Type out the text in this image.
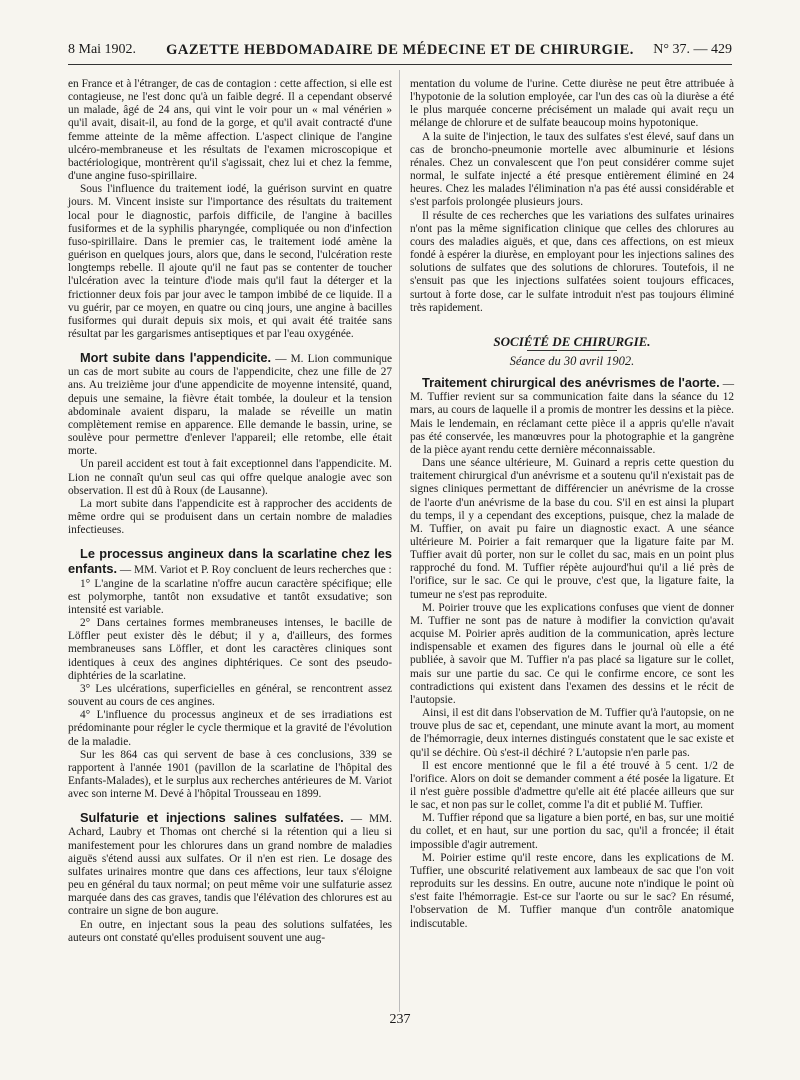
8 Mai 1902.	GAZETTE HEBDOMADAIRE DE MÉDECINE ET DE CHIRURGIE.	N° 37. — 429

en France et à l'étranger, de cas de contagion : cette affection, si elle est contagieuse, ne l'est donc qu'à un faible degré. Il a cependant observé un malade, âgé de 24 ans, qui vint le voir pour un « mal vénérien » qu'il avait, disait-il, au fond de la gorge, et qu'il avait contracté d'une femme atteinte de la même affection. L'aspect clinique de l'angine ulcéro-membraneuse et les résultats de l'examen microscopique et bactériologique, montrèrent qu'il s'agissait, chez lui et chez la femme, d'une angine fuso-spirillaire.

Sous l'influence du traitement iodé, la guérison survint en quatre jours. M. Vincent insiste sur l'importance des résultats du traitement local pour le diagnostic, parfois difficile, de l'angine à bacilles fusiformes et de la syphilis pharyngée, compliquée ou non d'infection fuso-spirillaire. Dans le premier cas, le traitement iodé amène la guérison en quelques jours, alors que, dans le second, l'ulcération reste longtemps rebelle. Il ajoute qu'il ne faut pas se contenter de toucher l'ulcération avec la teinture d'iode mais qu'il faut la déterger et la frictionner deux fois par jour avec le tampon imbibé de ce liquide. Il a vu guérir, par ce moyen, en quatre ou cinq jours, une angine à bacilles fusiformes qui durait depuis six mois, et qui avait été traitée sans résultat par les gargarismes antiseptiques et par l'eau oxygénée.

Mort subite dans l'appendicite. — M. Lion communique un cas de mort subite au cours de l'appendicite, chez une fille de 27 ans. Au treizième jour d'une appendicite de moyenne intensité, quand, depuis une semaine, la fièvre était tombée, la douleur et la tension abdominale avaient disparu, la malade se réveille un matin complètement remise en apparence. Elle demande le bassin, urine, se soulève pour permettre d'enlever l'appareil; elle retombe, elle était morte.

Un pareil accident est tout à fait exceptionnel dans l'appendicite. M. Lion ne connaît qu'un seul cas qui offre quelque analogie avec son observation. Il est dû à Roux (de Lausanne).

La mort subite dans l'appendicite est à rapprocher des accidents de même ordre qui se produisent dans un certain nombre de maladies infectieuses.

Le processus angineux dans la scarlatine chez les enfants. — MM. Variot et P. Roy concluent de leurs recherches que :

1° L'angine de la scarlatine n'offre aucun caractère spécifique; elle est polymorphe, tantôt non exsudative et tantôt exsudative; son intensité est variable.

2° Dans certaines formes membraneuses intenses, le bacille de Löffler peut exister dès le début; il y a, d'ailleurs, des formes membraneuses sans Löffler, et dont les caractères cliniques sont identiques à ceux des angines diphtériques. Ce sont des pseudo-diphtéries de la scarlatine.

3° Les ulcérations, superficielles en général, se rencontrent assez souvent au cours de ces angines.

4° L'influence du processus angineux et de ses irradiations est prédominante pour régler le cycle thermique et la gravité de l'évolution de la maladie.

Sur les 864 cas qui servent de base à ces conclusions, 339 se rapportent à l'année 1901 (pavillon de la scarlatine de l'hôpital des Enfants-Malades), et le surplus aux recherches antérieures de M. Variot avec son interne M. Devé à l'hôpital Trousseau en 1899.

Sulfaturie et injections salines sulfatées. — MM. Achard, Laubry et Thomas ont cherché si la rétention qui a lieu si manifestement pour les chlorures dans un grand nombre de maladies aiguës s'étend aussi aux sulfates. Or il n'en est rien. Le dosage des sulfates urinaires montre que dans ces affections, leur taux s'éloigne peu en général du taux normal; on peut même voir une sulfaturie assez marquée dans des cas graves, tandis que l'élévation des chlorures est au contraire un signe de bon augure.

En outre, en injectant sous la peau des solutions sulfatées, les auteurs ont constaté qu'elles produisent souvent une aug-

mentation du volume de l'urine. Cette diurèse ne peut être attribuée à l'hypotonie de la solution employée, car l'un des cas où la diurèse a été le plus marquée concerne précisément un malade qui avait reçu un mélange de chlorure et de sulfate beaucoup moins hypotonique.

A la suite de l'injection, le taux des sulfates s'est élevé, sauf dans un cas de broncho-pneumonie mortelle avec albuminurie et lésions rénales. Chez un convalescent que l'on peut considérer comme sujet normal, le sulfate injecté a été presque entièrement éliminé en 24 heures. Chez les malades l'élimination n'a pas été aussi considérable et s'est parfois prolongée plusieurs jours.

Il résulte de ces recherches que les variations des sulfates urinaires n'ont pas la même signification clinique que celles des chlorures au cours des maladies aiguës, et que, dans ces affections, on est mieux fondé à espérer la diurèse, en employant pour les injections salines des solutions de sulfates que des solutions de chlorures. Toutefois, il ne s'ensuit pas que les injections sulfatées soient toujours efficaces, surtout à forte dose, car le sulfate introduit n'est pas toujours éliminé très rapidement.

SOCIÉTÉ DE CHIRURGIE.
Séance du 30 avril 1902.

Traitement chirurgical des anévrismes de l'aorte. — M. Tuffier revient sur sa communication faite dans la séance du 12 mars, au cours de laquelle il a promis de montrer les dessins et la pièce. Mais le lendemain, en réclamant cette pièce il a appris qu'elle n'avait pas été conservée, les manœuvres pour la photographie et la gangrène de la pièce ayant rendu cette dernière méconnaissable.

Dans une séance ultérieure, M. Guinard a repris cette question du traitement chirurgical d'un anévrisme et a soutenu qu'il n'existait pas de signes cliniques permettant de différencier un anévrisme de la crosse de l'aorte d'un anévrisme de la base du cou. S'il en est ainsi la plupart du temps, il y a cependant des exceptions, puisque, chez la malade de M. Tuffier, on avait pu faire un diagnostic exact. A une séance ultérieure M. Poirier a fait remarquer que la ligature faite par M. Tuffier avait dû porter, non sur le collet du sac, mais en un point plus rapproché du fond. M. Tuffier répète aujourd'hui qu'il a lié près de l'orifice, sur le sac. Ce qui le prouve, c'est que, la ligature faite, la tumeur ne s'est pas reproduite.

M. Poirier trouve que les explications confuses que vient de donner M. Tuffier ne sont pas de nature à modifier la conviction qu'avait acquise M. Poirier après audition de la communication, après lecture indispensable et examen des figures dans le journal où elle a été publiée, à savoir que M. Tuffier n'a pas placé sa ligature sur le collet, mais sur une partie du sac. Ce qui le confirme encore, ce sont les contradictions qui existent dans l'examen des dessins et le récit de l'autopsie.

Ainsi, il est dit dans l'observation de M. Tuffier qu'à l'autopsie, on ne trouve plus de sac et, cependant, une minute avant la mort, au moment de l'hémorragie, deux internes distingués constatent que le sac existe et qu'il se déchire. Où s'est-il déchiré ? L'autopsie n'en parle pas.

Il est encore mentionné que le fil a été trouvé à 5 cent. 1/2 de l'orifice. Alors on doit se demander comment a été posée la ligature. Et il n'est guère possible d'admettre qu'elle ait été placée ailleurs que sur le sac, et non pas sur le collet, comme l'a dit et publié M. Tuffier.

M. Tuffier répond que sa ligature a bien porté, en bas, sur une moitié du collet, et en haut, sur une portion du sac, qu'il a froncée; il était impossible d'agir autrement.

M. Poirier estime qu'il reste encore, dans les explications de M. Tuffier, une obscurité relativement aux lambeaux de sac que l'on voit reproduits sur les dessins. En outre, aucune note n'indique le point où s'est faite l'hémorragie. Est-ce sur l'aorte ou sur le sac? En résumé, l'observation de M. Tuffier manque d'un contrôle anatomique indiscutable.

237
